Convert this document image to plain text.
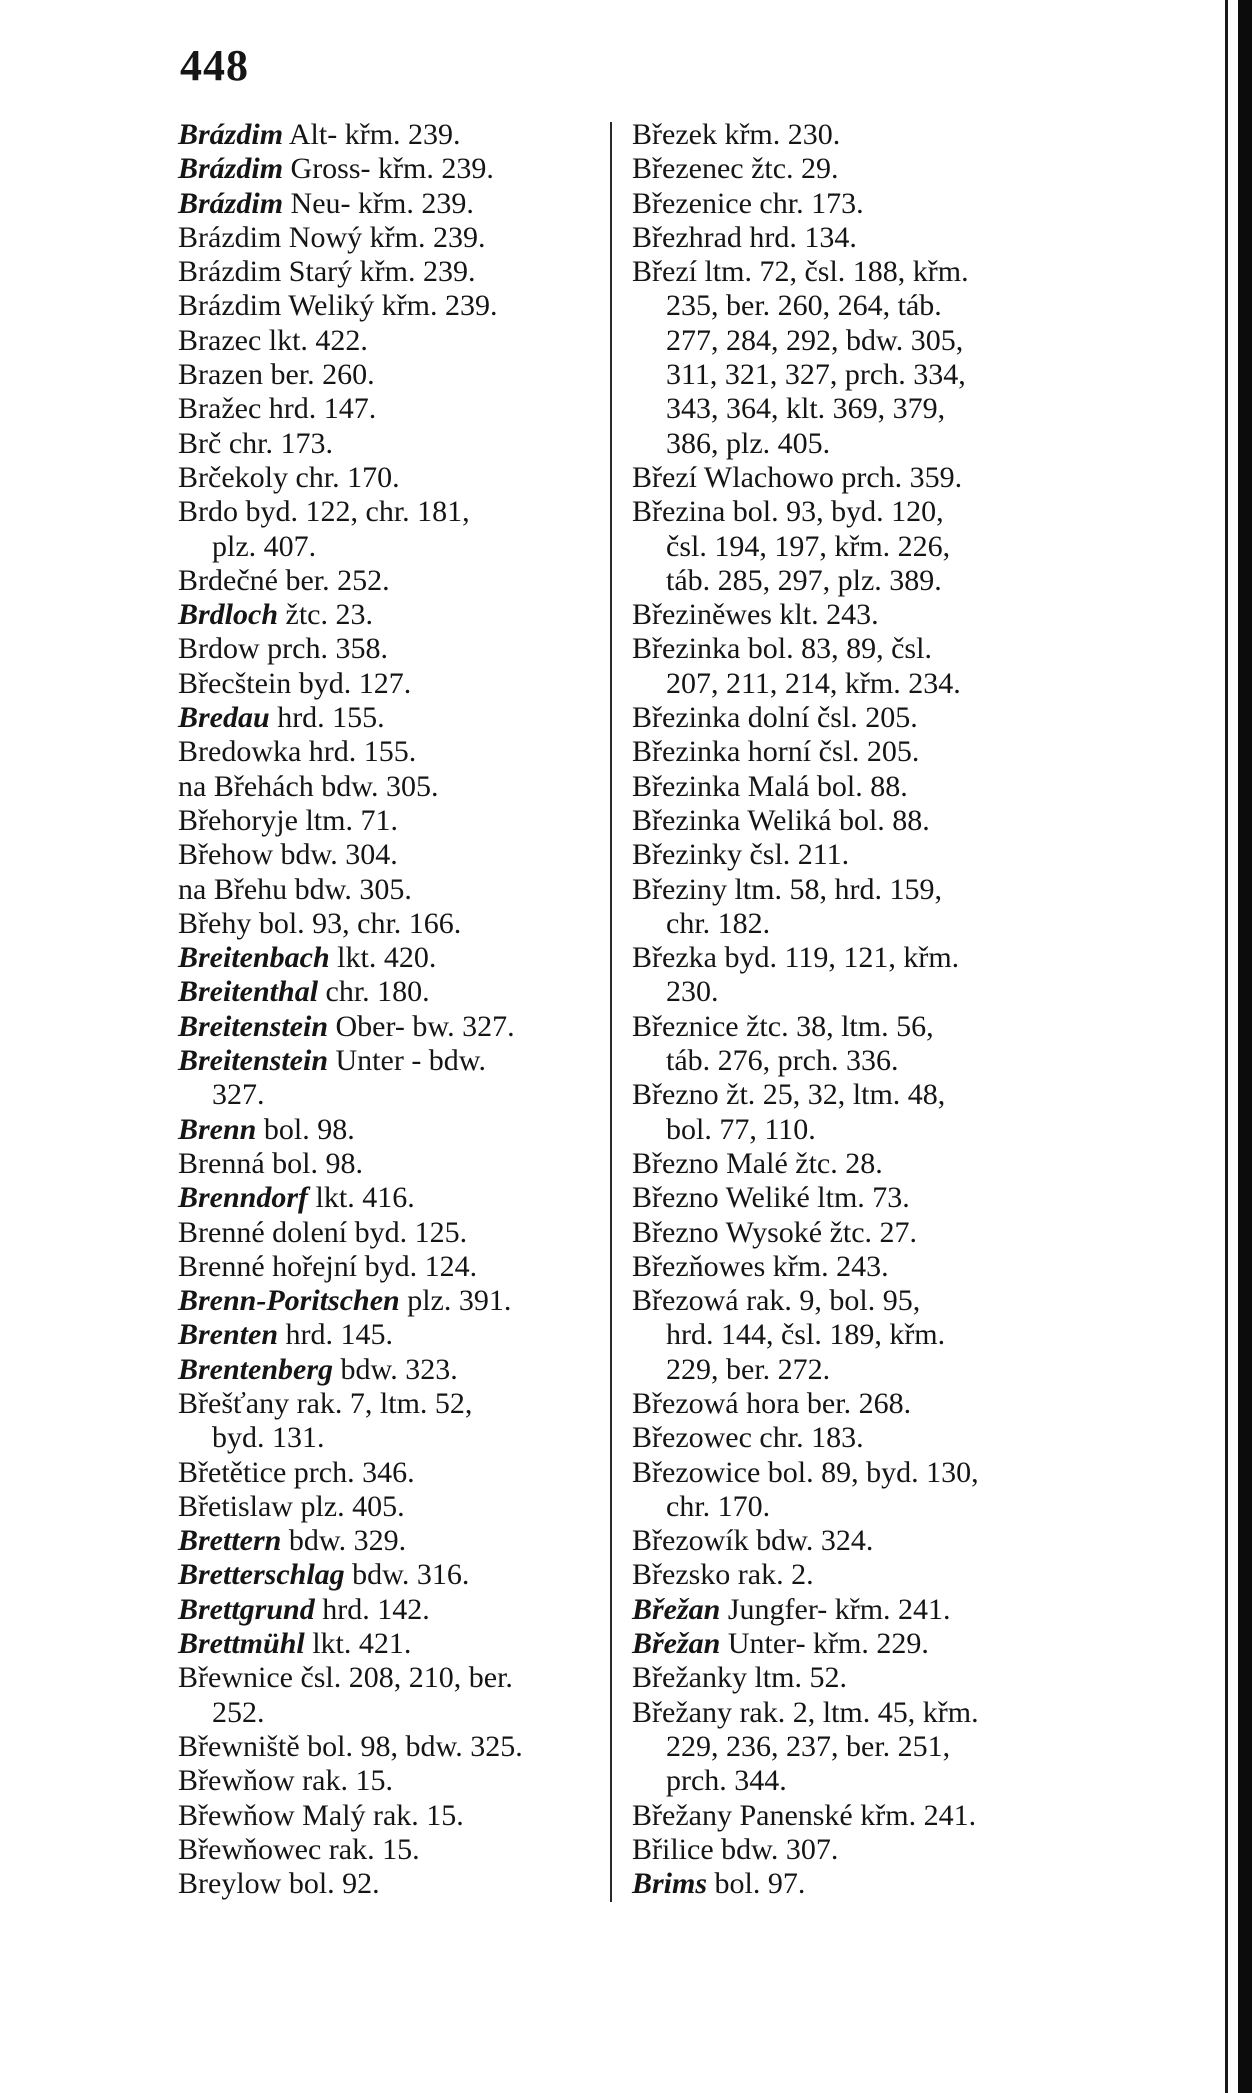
448
Brázdim Alt- křm. 239.
Brázdim Gross- křm. 239.
Brázdim Neu- křm. 239.
Brázdim Nowý křm. 239.
Brázdim Starý křm. 239.
Brázdim Weliký křm. 239.
Brazec lkt. 422.
Brazen ber. 260.
Bražec hrd. 147.
Brč chr. 173.
Brčekoly chr. 170.
Brdo byd. 122, chr. 181,
plz. 407.
Brdečné ber. 252.
Brdloch žtc. 23.
Brdow prch. 358.
Břecštein byd. 127.
Bredau hrd. 155.
Bredowka hrd. 155.
na Břehách bdw. 305.
Břehoryje ltm. 71.
Břehow bdw. 304.
na Břehu bdw. 305.
Břehy bol. 93, chr. 166.
Breitenbach lkt. 420.
Breitenthal chr. 180.
Breitenstein Ober- bw. 327.
Breitenstein Unter - bdw.
327.
Brenn bol. 98.
Brenná bol. 98.
Brenndorf lkt. 416.
Brenné dolení byd. 125.
Brenné hořejní byd. 124.
Brenn-Poritschen plz. 391.
Brenten hrd. 145.
Brentenberg bdw. 323.
Břešťany rak. 7, ltm. 52,
byd. 131.
Břetětice prch. 346.
Břetislaw plz. 405.
Brettern bdw. 329.
Bretterschlag bdw. 316.
Brettgrund hrd. 142.
Brettmühl lkt. 421.
Břewnice čsl. 208, 210, ber.
252.
Břewniště bol. 98, bdw. 325.
Břewňow rak. 15.
Břewňow Malý rak. 15.
Břewňowec rak. 15.
Breylow bol. 92.
Březek křm. 230.
Březenec žtc. 29.
Březenice chr. 173.
Březhrad hrd. 134.
Březí ltm. 72, čsl. 188, křm.
235, ber. 260, 264, táb.
277, 284, 292, bdw. 305,
311, 321, 327, prch. 334,
343, 364, klt. 369, 379,
386, plz. 405.
Březí Wlachowo prch. 359.
Březina bol. 93, byd. 120,
čsl. 194, 197, křm. 226,
táb. 285, 297, plz. 389.
Březiněwes klt. 243.
Březinka bol. 83, 89, čsl.
207, 211, 214, křm. 234.
Březinka dolní čsl. 205.
Březinka horní čsl. 205.
Březinka Malá bol. 88.
Březinka Weliká bol. 88.
Březinky čsl. 211.
Březiny ltm. 58, hrd. 159,
chr. 182.
Březka byd. 119, 121, křm.
230.
Březnice žtc. 38, ltm. 56,
táb. 276, prch. 336.
Březno žt. 25, 32, ltm. 48,
bol. 77, 110.
Březno Malé žtc. 28.
Březno Weliké ltm. 73.
Březno Wysoké žtc. 27.
Březňowes křm. 243.
Březowá rak. 9, bol. 95,
hrd. 144, čsl. 189, křm.
229, ber. 272.
Březowá hora ber. 268.
Březowec chr. 183.
Březowice bol. 89, byd. 130,
chr. 170.
Březowík bdw. 324.
Březsko rak. 2.
Břežan Jungfer- křm. 241.
Břežan Unter- křm. 229.
Břežanky ltm. 52.
Břežany rak. 2, ltm. 45, křm.
229, 236, 237, ber. 251,
prch. 344.
Břežany Panenské křm. 241.
Břilice bdw. 307.
Brims bol. 97.
